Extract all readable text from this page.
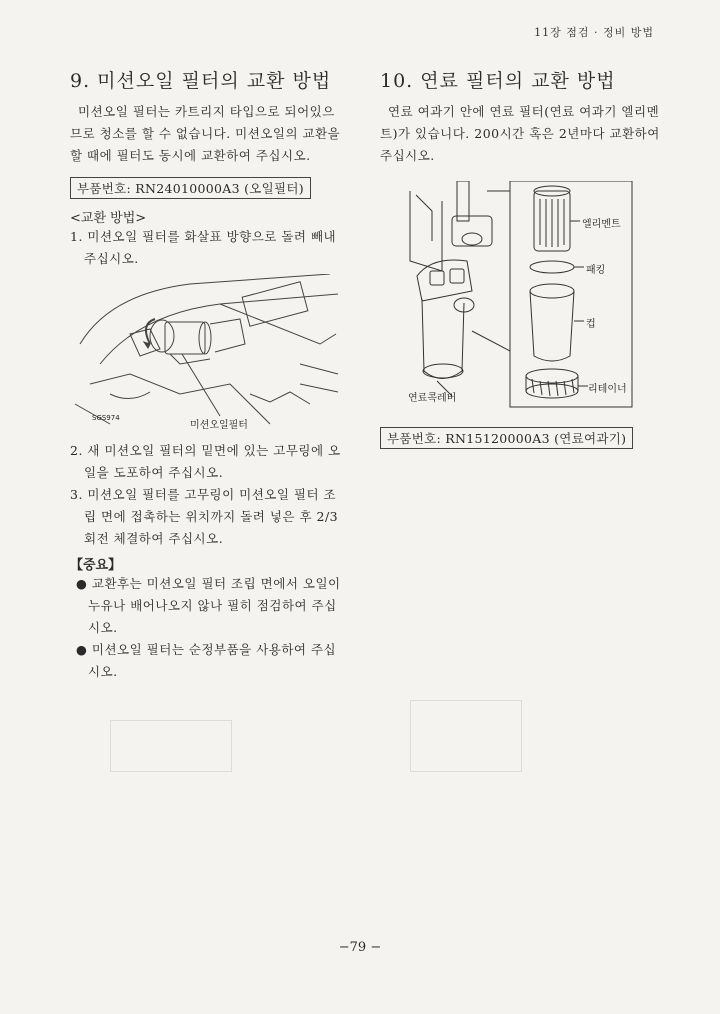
11장 점검 · 정비 방법
9. 미션오일 필터의 교환 방법

미션오일 필터는 카트리지 타입으로 되어있으므로 청소를 할 수 없습니다. 미션오일의 교환을 할 때에 필터도 동시에 교환하여 주십시오.

부품번호: RN24010000A3 (오일필터)
<교환 방법>
1. 미션오일 필터를 화살표 방향으로 돌려 빼내 주십시오.
SGS974
미션오일필터
2. 새 미션오일 필터의 밑면에 있는 고무링에 오일을 도포하여 주십시오.
3. 미션오일 필터를 고무링이 미션오일 필터 조립 면에 접촉하는 위치까지 돌려 넣은 후 2/3 회전 체결하여 주십시오.
【중요】
● 교환후는 미션오일 필터 조립 면에서 오일이 누유나 배어나오지 않나 필히 점검하여 주십시오.
● 미션오일 필터는 순정부품을 사용하여 주십시오.
10. 연료 필터의 교환 방법

연료 여과기 안에 연료 필터(연료 여과기 엘리멘트)가 있습니다. 200시간 혹은 2년마다 교환하여 주십시오.

엘리멘트
패킹
컵
리테이너
연료콕레버
부품번호: RN15120000A3 (연료여과기)
−79 −
